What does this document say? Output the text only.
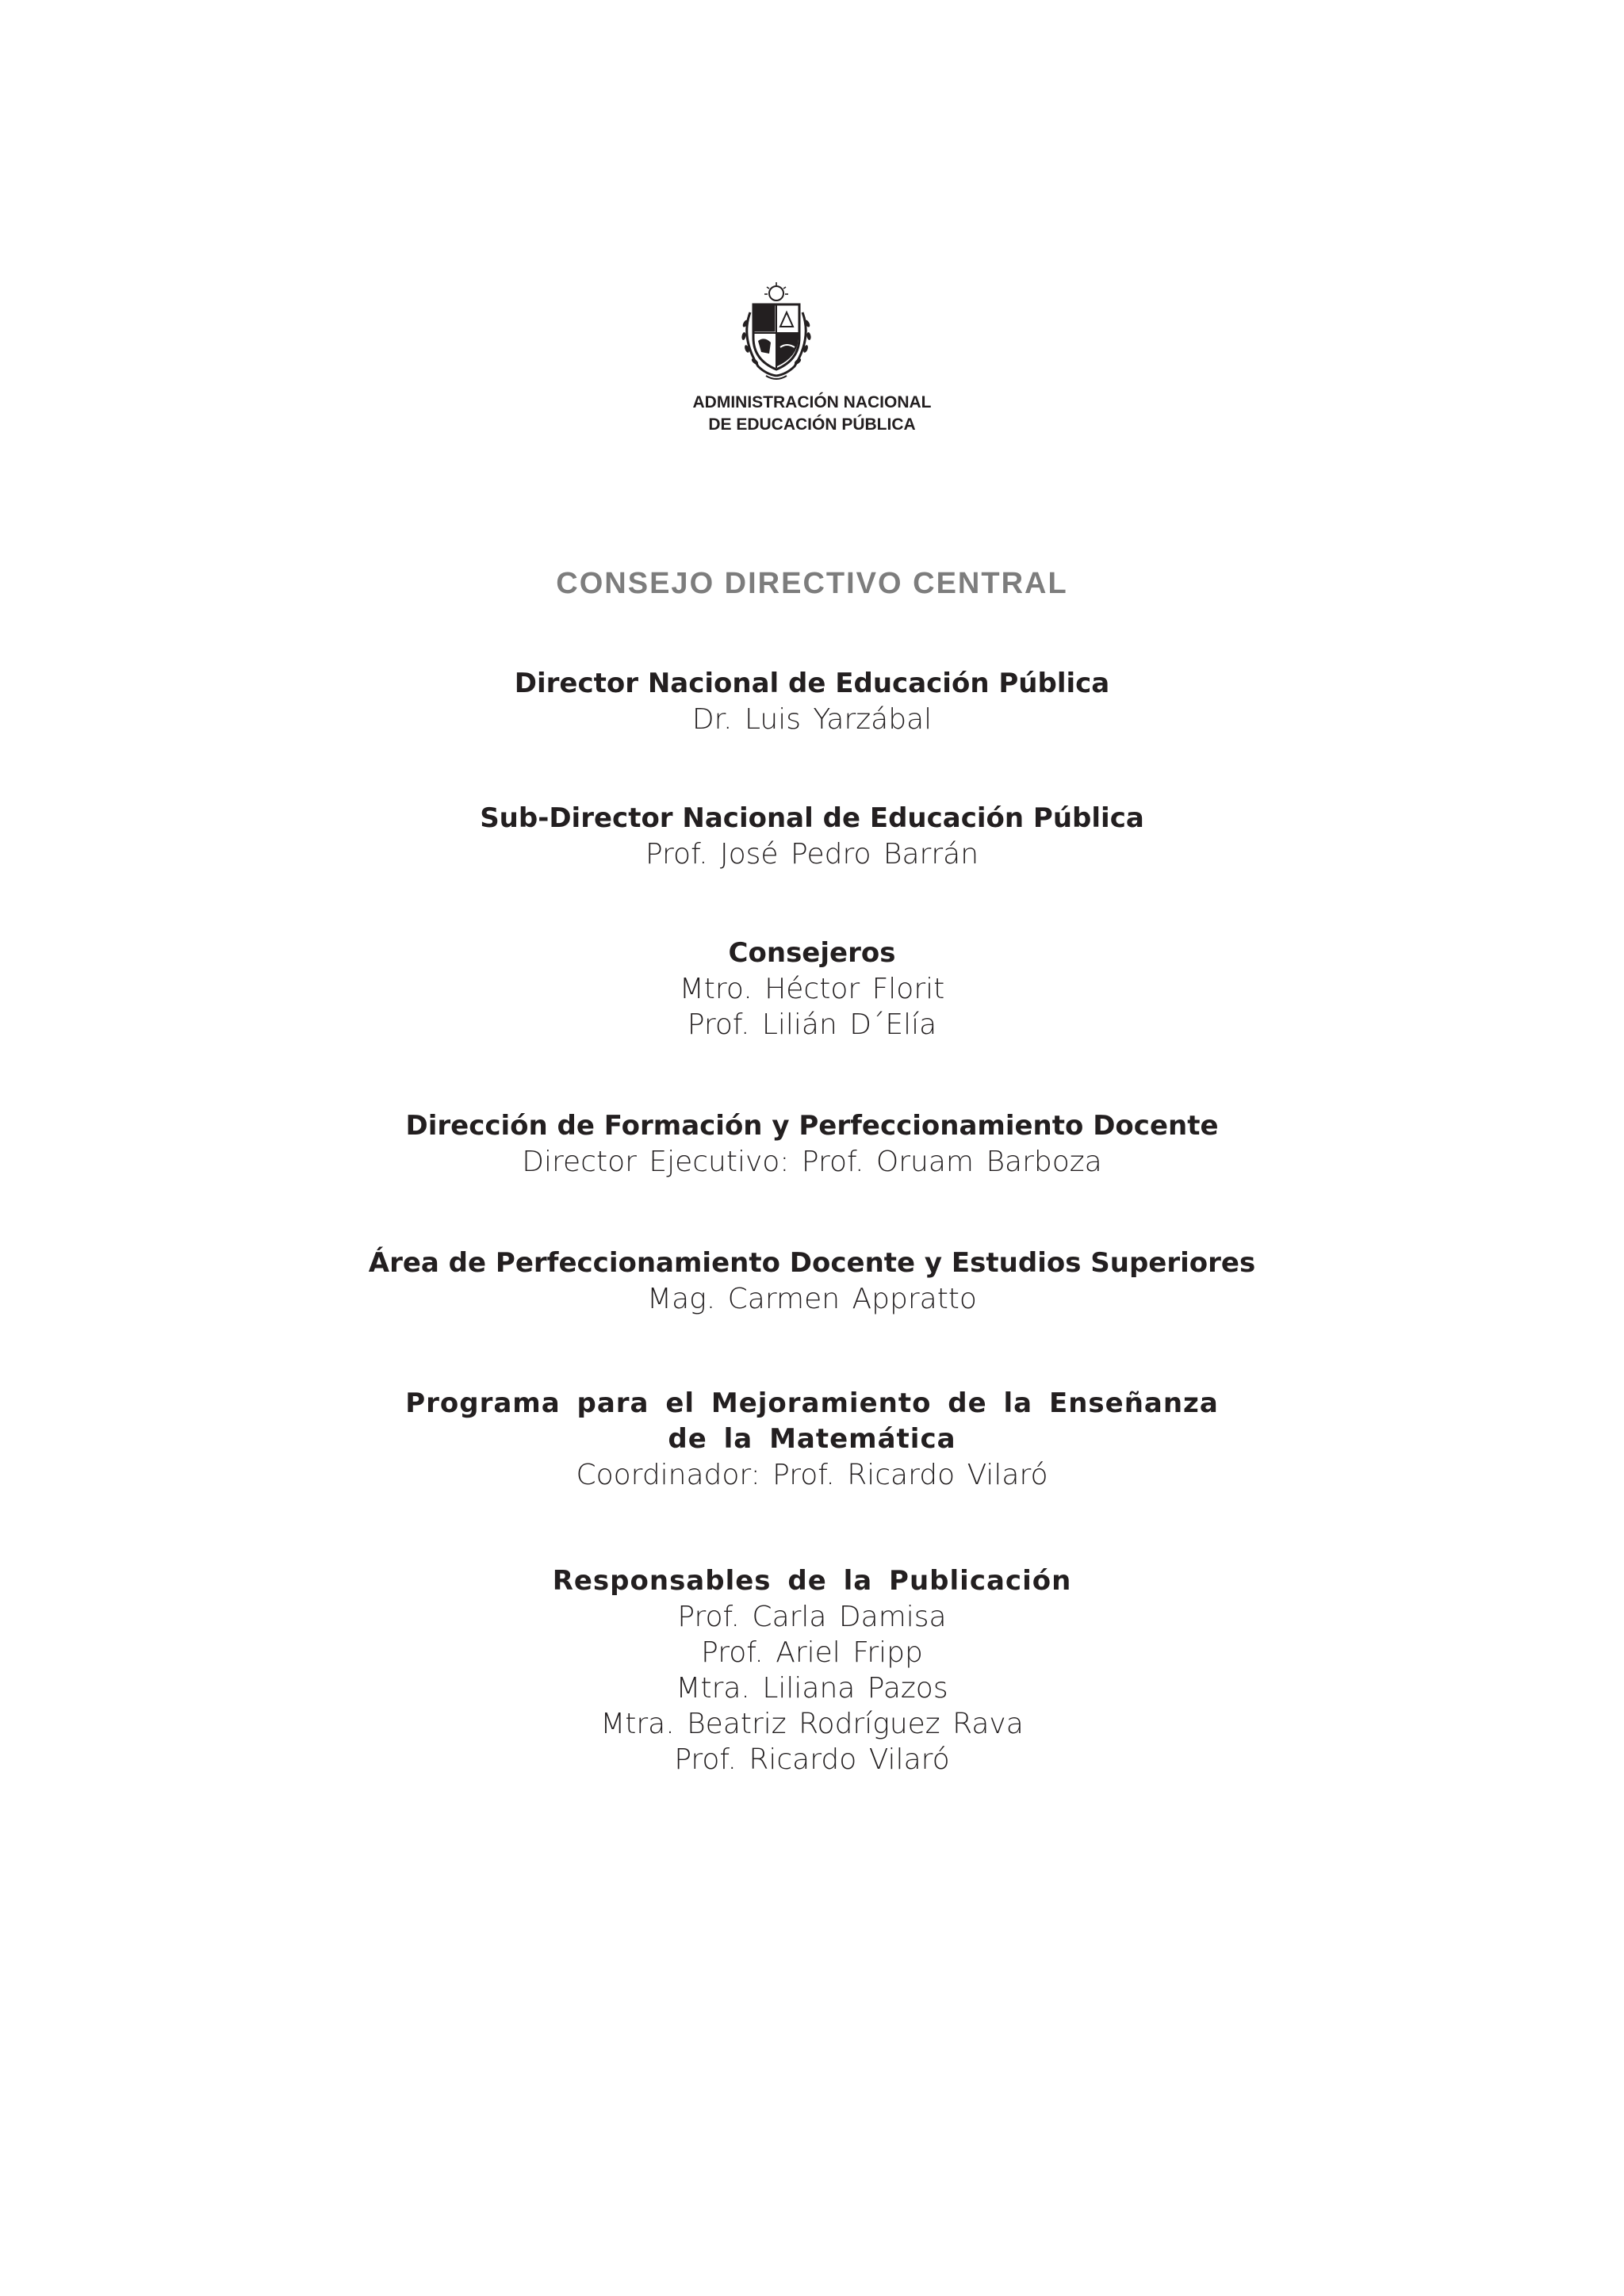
ADMINISTRACIÓN NACIONAL
DE EDUCACIÓN PÚBLICA
CONSEJO DIRECTIVO CENTRAL
Director Nacional de Educación Pública
Dr. Luis Yarzábal
Sub-Director Nacional de Educación Pública
Prof. José Pedro Barrán
Consejeros
Mtro. Héctor Florit
Prof. Lilián D´Elía
Dirección de Formación y Perfeccionamiento Docente
Director Ejecutivo: Prof. Oruam Barboza
Área de Perfeccionamiento Docente y Estudios Superiores
Mag. Carmen Appratto
Programa para el Mejoramiento de la Enseñanza
de la Matemática
Coordinador: Prof. Ricardo Vilaró
Responsables de la Publicación
Prof. Carla Damisa
Prof. Ariel Fripp
Mtra. Liliana Pazos
Mtra. Beatriz Rodríguez Rava
Prof. Ricardo Vilaró
